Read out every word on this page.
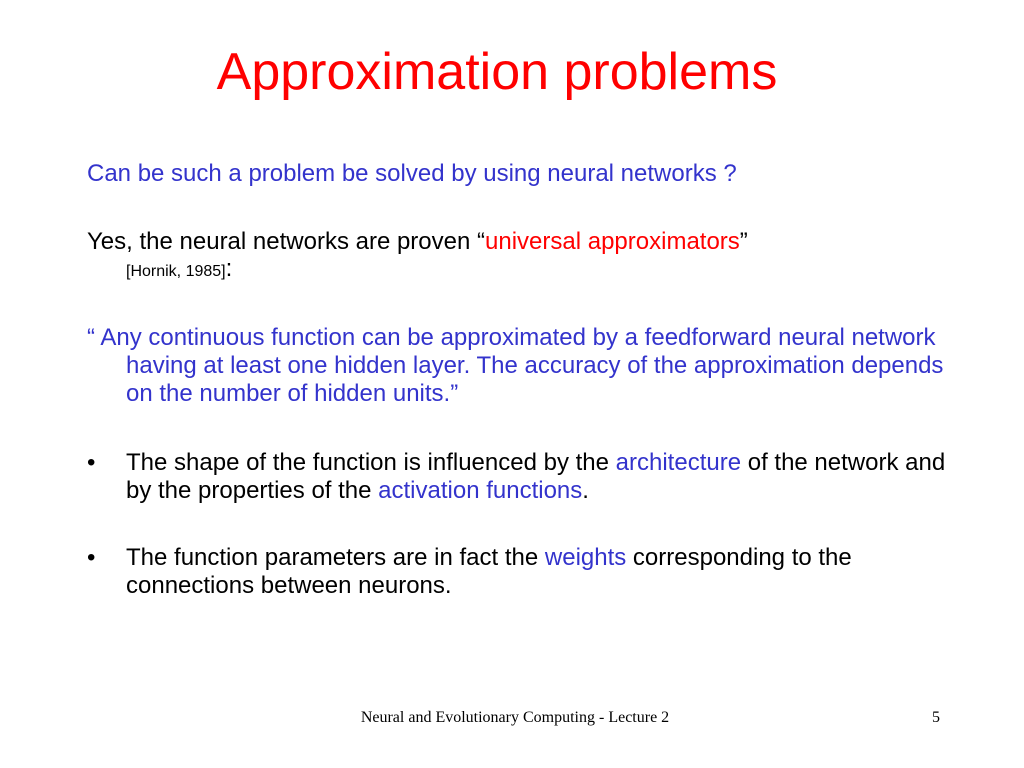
Approximation problems
Can be such a problem be solved by using neural networks ?
Yes, the neural networks are proven “universal approximators”
[Hornik, 1985]:
“ Any continuous function can be approximated by a feedforward neural network having at least one hidden layer. The accuracy of the approximation depends on the number of hidden units.”
•	The shape of the function is influenced by the architecture of the network and by the properties of the activation functions.
•	The function parameters are in fact the weights corresponding to the connections between neurons.
Neural and Evolutionary Computing - Lecture 2	5
